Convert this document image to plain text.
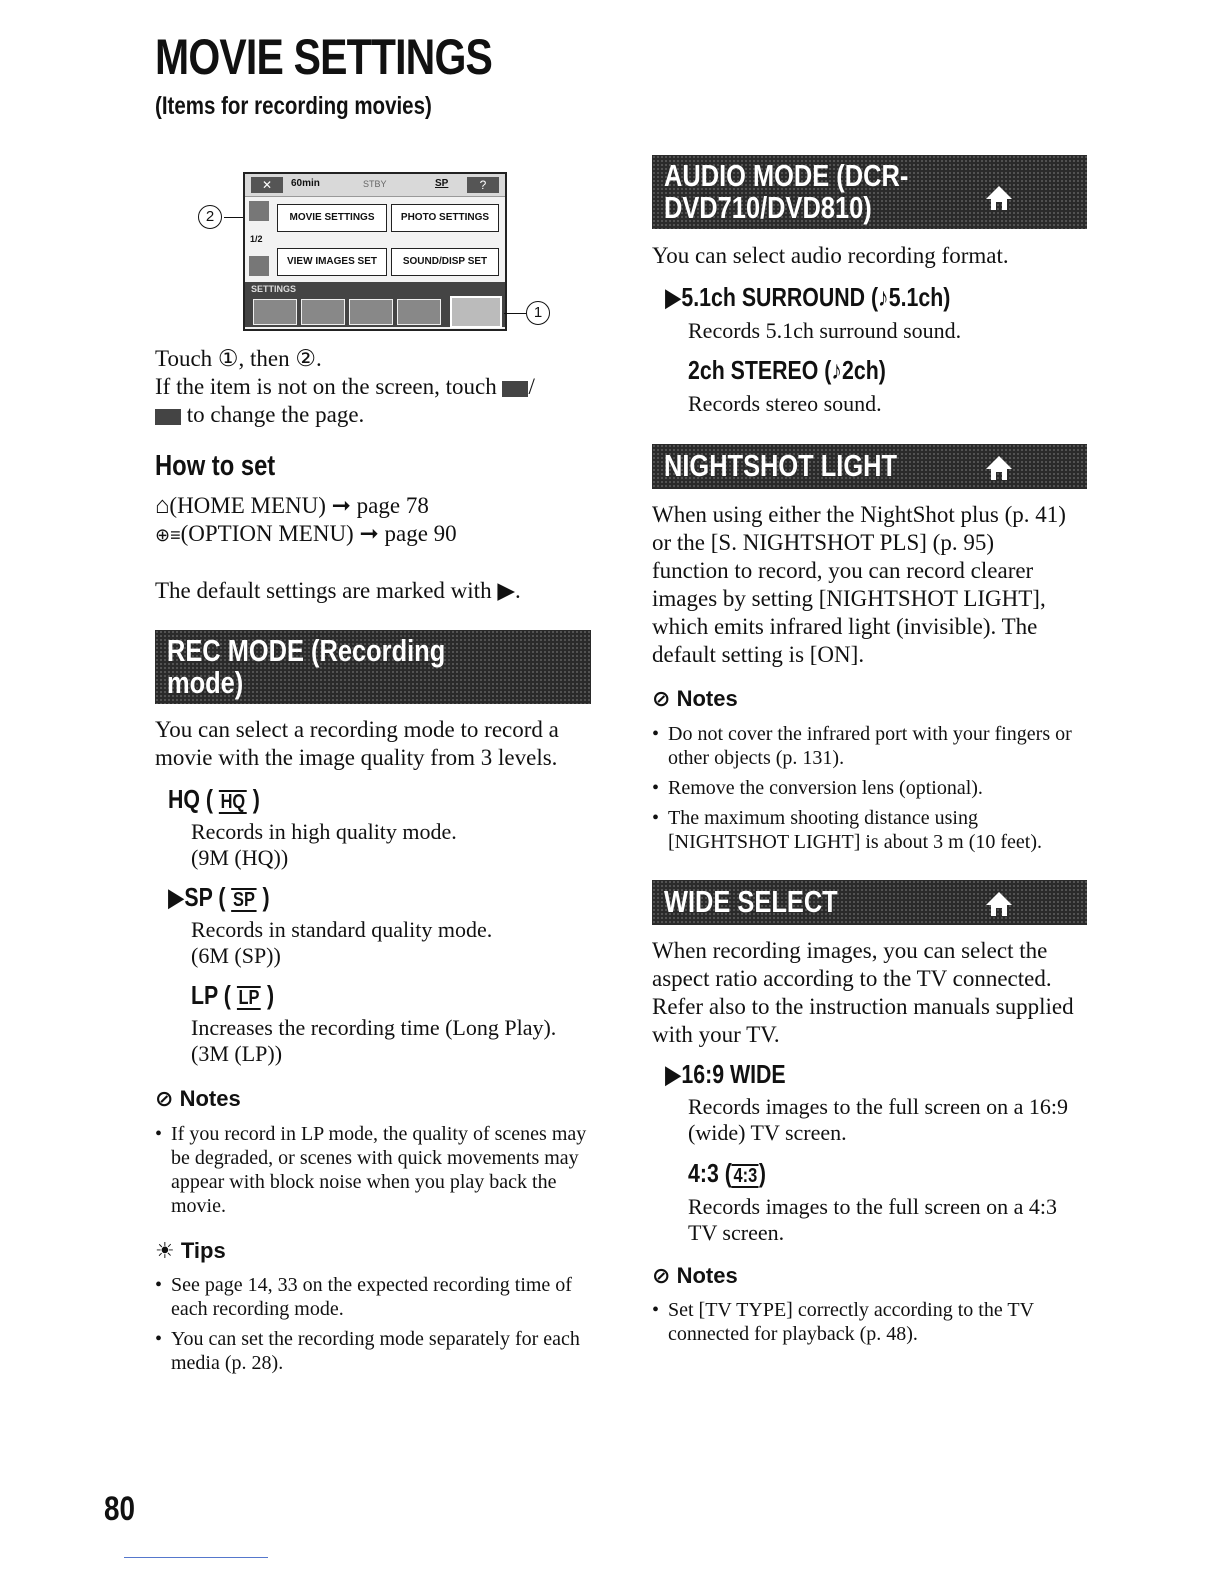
MOVIE SETTINGS
(Items for recording movies)
2
✕	60min	STBY	SP	?
1/2
MOVIE SETTINGS	PHOTO SETTINGS
VIEW IMAGES SET	SOUND/DISP SET
SETTINGS
1

Touch ①, then ②.

If the item is not on the screen, touch /

to change the page.

How to set

⌂(HOME MENU) ➞ page 78

⊕≡(OPTION MENU) ➞ page 90

The default settings are marked with ▶.

REC MODE (Recording
mode)

You can select a recording mode to record a movie with the image quality from 3 levels.

HQ ( HQ )

Records in high quality mode.

(9M (HQ))

▶SP ( SP )

Records in standard quality mode.

(6M (SP))

LP ( LP )

Increases the recording time (Long Play).

(3M (LP))

⊘ Notes
• If you record in LP mode, the quality of scenes may be degraded, or scenes with quick movements may appear with block noise when you play back the movie.
☀ Tips
• See page 14, 33 on the expected recording time of each recording mode.
• You can set the recording mode separately for each media (p. 28).
80
AUDIO MODE (DCR-
DVD710/DVD810)

You can select audio recording format.

▶5.1ch SURROUND (♪5.1ch)

Records 5.1ch surround sound.

2ch STEREO (♪2ch)

Records stereo sound.

NIGHTSHOT LIGHT

When using either the NightShot plus (p. 41) or the [S. NIGHTSHOT PLS] (p. 95) function to record, you can record clearer images by setting [NIGHTSHOT LIGHT], which emits infrared light (invisible). The default setting is [ON].

⊘ Notes
• Do not cover the infrared port with your fingers or other objects (p. 131).
• Remove the conversion lens (optional).
• The maximum shooting distance using [NIGHTSHOT LIGHT] is about 3 m (10 feet).
WIDE SELECT

When recording images, you can select the aspect ratio according to the TV connected. Refer also to the instruction manuals supplied with your TV.

▶16:9 WIDE

Records images to the full screen on a 16:9 (wide) TV screen.

4:3 (4:3)

Records images to the full screen on a 4:3 TV screen.

⊘ Notes
• Set [TV TYPE] correctly according to the TV connected for playback (p. 48).
